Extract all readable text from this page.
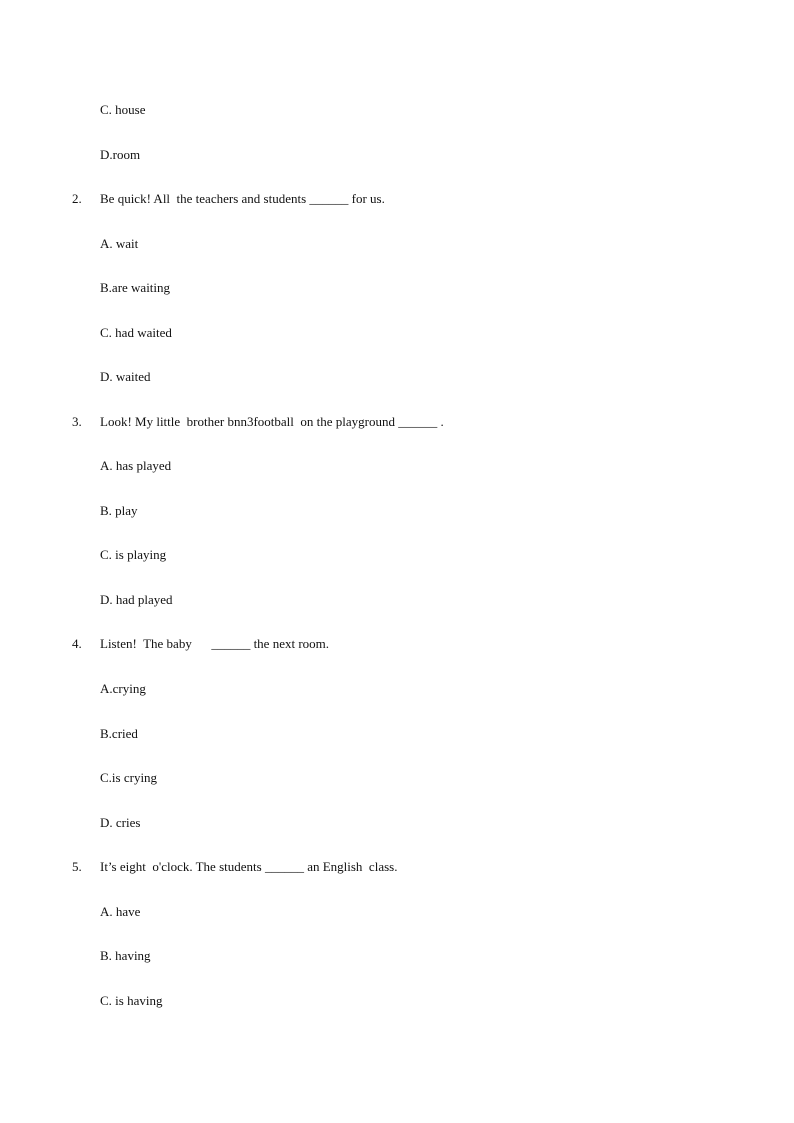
C. house
D.room
2. Be quick! All  the teachers and students ______ for us.
A. wait
B.are waiting
C. had waited
D. waited
3. Look! My little  brother bnn3football  on the playground ______ .
A. has played
B. play
C. is playing
D. had played
4. Listen!  The baby      ______ the next room.
A.crying
B.cried
C.is crying
D. cries
5. It’s eight  o'clock. The students ______ an English  class.
A. have
B. having
C. is having
